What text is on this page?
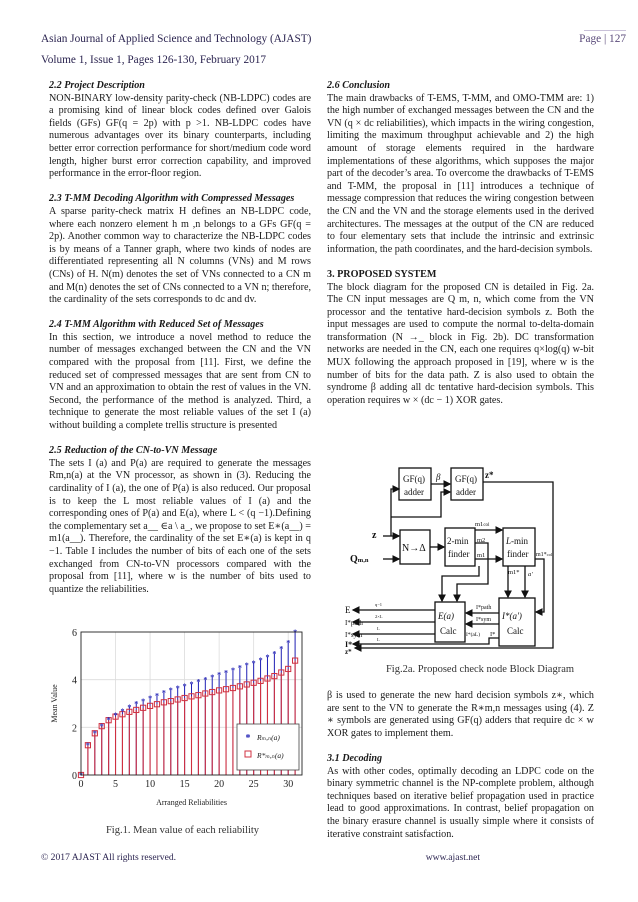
Asian Journal of Applied Science and Technology (AJAST)
Volume 1, Issue 1, Pages 126-130, February 2017
Page | 127

2.2 Project Description

NON-BINARY low-density parity-check (NB-LDPC) codes are a promising kind of linear block codes defined over Galois fields (GFs) GF(q = 2p) with p >1. NB-LDPC codes have numerous advantages over its binary counterparts, including better error correction performance for short/medium code word length, higher burst error correction capability, and improved performance in the error-floor region.

2.3 T-MM Decoding Algorithm with Compressed Messages

A sparse parity-check matrix H defines an NB-LDPC code, where each nonzero element h m ,n belongs to a GFs GF(q = 2p). Another common way to characterize the NB-LDPC codes is by means of a Tanner graph, where two kinds of nodes are differentiated representing all N columns (VNs) and M rows (CNs) of H. N(m) denotes the set of VNs connected to a CN m and M(n) denotes the set of CNs connected to a VN n; therefore, the cardinality of the sets corresponds to dc and dv.

2.4 T-MM Algorithm with Reduced Set of Messages

In this section, we introduce a novel method to reduce the number of messages exchanged between the CN and the VN compared with the proposal from [11]. First, we define the reduced set of compressed messages that are sent from CN to VN and an approximation to obtain the rest of values in the VN. Second, the performance of the method is analyzed. Third, a technique to generate the most reliable values of the set I (a) without building a complete trellis structure is presented

2.5 Reduction of the CN-to-VN Message

The sets I (a) and P(a) are required to generate the messages Rm,n(a) at the VN processor, as shown in (3). Reducing the cardinality of I (a), the one of P(a) is also reduced. Our proposal is to keep the L most reliable values of I (a) and the corresponding ones of P(a) and E(a), where L < (q −1).Defining the complementary set a__ ∈a \ a_, we propose to set E∗(a__) = m1(a__). Therefore, the cardinality of the set E∗(a) is kept in q −1. Table I includes the number of bits of each one of the sets exchanged from CN-to-VN processors compared with the proposal from [11], where w is the number of bits used to quantize the reliabilities.

*
*
*
*
* * * * * * * * * * * * * * * * * * * * * * * * *
*
*
*
0	5	10 15 20 25 30
0
2
4
6
Arranged Reliabilities
Mean Value
* Rₘ,ₙ(a)
R*ₘ,ₙ(a)
Fig.1. Mean value of each reliability

2.6 Conclusion

The main drawbacks of T-EMS, T-MM, and OMO-TMM are: 1) the high number of exchanged messages between the CN and the VN (q × dc reliabilities), which impacts in the wiring congestion, limiting the maximum throughput achievable and 2) the high amount of storage elements required in the hardware implementations of these algorithms, which supposes the major part of the decoder’s area. To overcome the drawbacks of T-EMS and T-MM, the proposal in [11] introduces a technique of message compression that reduces the wiring congestion between the CN and the VN and the storage elements used in the derived architectures. The messages at the output of the CN are reduced to four elementary sets that include the intrinsic and extrinsic information, the path coordinates, and the hard-decision symbols.

3. PROPOSED SYSTEM

The block diagram for the proposed CN is detailed in Fig. 2a. The CN input messages are Q m, n, which come from the VN processor and the tentative hard-decision symbols z. Both the input messages are used to compute the normal to-delta-domain transformation (N →_ block in Fig. 2b). DC transformation networks are needed in the CN, each one requires q×log(q) w-bit MUX following the approach proposed in [19], where w is the number of bits for the data path. Z is also used to obtain the syndrome β adding all dc tentative hard-decision symbols. This operation requires w × (dc − 1) XOR gates.

GF(q)
adder
GF(q)
adder
β	z*
N→Δ
2-min
finder
L-min
finder
m1col
m2
m1
m1* a'
m1*col
E(a)
Calc
I*(a')
Calc
I*path
I*sym
I*(aL) I*
z
Qm,n
E
I*path
I*sym
I*
z*
q−1
2×L
L
L
Fig.2a. Proposed check node Block Diagram

β is used to generate the new hard decision symbols z∗, which are sent to the VN to generate the R∗m,n messages using (4). Z ∗ symbols are generated using GF(q) adders that require dc × w XOR gates to implement them.

3.1 Decoding

As with other codes, optimally decoding an LDPC code on the binary symmetric channel is the NP-complete problem, although techniques based on iterative belief propagation used in practice lead to good approximations. In contrast, belief propagation on the binary erasure channel is usually simple where it consists of iterative constraint satisfaction.

© 2017 AJAST All rights reserved.	www.ajast.net
